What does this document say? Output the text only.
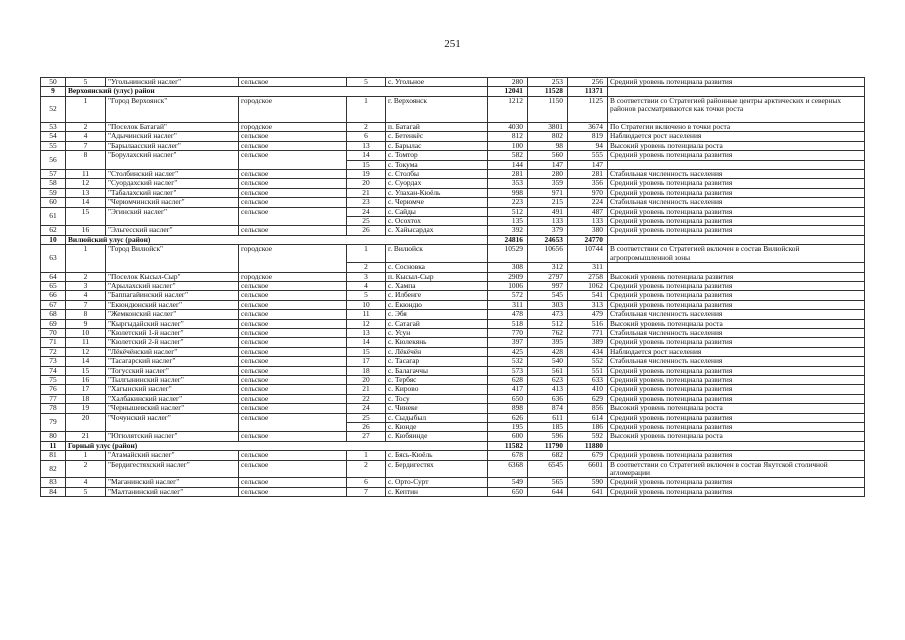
251
50	5	"Угольнинский наслег"	сельское	5	с. Угольное	280	253	256	Средний уровень потенциала развития
9	Верхоянский (улус) район					12041	11528	11371	
52	1	"Город Верхоянск"	городское	1	г. Верхоянск	1212	1150	1125	В соответствии со Стратегией районные центры арктических и северных районов рассматриваются как точки роста
53	2	"Поселок Батагай"	городское	2	п. Батагай	4030	3801	3674	По Стратегии включено в точки роста
54	4	"Адычинский наслег"	сельское	6	с. Бетенкёс	812	802	819	Наблюдается рост населения
55	7	"Барылаасский наслег"	сельское	13	с. Барылас	100	98	94	Высокий уровень потенциала роста
56	8	"Борулахский наслег"	сельское	14	с. Томтор	582	560	555	Средний уровень потенциала развития
				15	с. Токума	144	147	147	
57	11	"Столбинский наслег"	сельское	19	с. Столбы	281	280	281	Стабильная численность населения
58	12	"Суордахский наслег"	сельское	20	с. Суордах	353	359	356	Средний уровень потенциала развития
59	13	"Табалахский наслег"	сельское	21	с. Улахан-Кюёль	998	971	970	Средний уровень потенциала развития
60	14	"Черюмчинский наслег"	сельское	23	с. Черюмче	223	215	224	Стабильная численность населения
61	15	"Эгинский наслег"	сельское	24	с. Сайды	512	491	487	Средний уровень потенциала развития
				25	с. Осохтох	135	133	133	Средний уровень потенциала развития
62	16	"Эльгесский наслег"	сельское	26	с. Хайысардах	392	379	380	Средний уровень потенциала развития
10	Вилюйский улус (район)					24816	24653	24770	
63	1	"Город Вилюйск"	городское	1	г. Вилюйск	10529	10656	10744	В соответствии со Стратегией включен в состав Вилюйской агропромышленной зоны
				2	с. Сосновка	308	312	311	
64	2	"Поселок Кысыл-Сыр"	городское	3	п. Кысыл-Сыр	2909	2797	2758	Высокий уровень потенциала развития
65	3	"Арылахский наслег"	сельское	4	с. Хампа	1006	997	1062	Средний уровень потенциала развития
66	4	"Баппагайинский наслег"	сельское	5	с. Илбенге	572	545	541	Средний уровень потенциала развития
67	7	"Екюндюнский наслег"	сельское	10	с. Екюндю	311	303	313	Средний уровень потенциала развития
68	8	"Жемконский наслег"	сельское	11	с. Эбя	478	473	479	Стабильная численность населения
69	9	"Кыргыдайский наслег"	сельское	12	с. Сатагай	518	512	516	Высокий уровень потенциала роста
70	10	"Кюлетский 1-й наслег"	сельское	13	с. Усун	770	762	771	Стабильная численность населения
71	11	"Кюлетский 2-й наслег"	сельское	14	с. Кюлекянь	397	395	389	Средний уровень потенциала развития
72	12	"Лёкёчёнский наслег"	сельское	15	с. Лёкёчён	425	428	434	Наблюдается рост населения
73	14	"Тасагарский наслег"	сельское	17	с. Тасагар	532	540	552	Стабильная численность населения
74	15	"Тогусский наслег"	сельское	18	с. Балагаччы	573	561	551	Средний уровень потенциала развития
75	16	"Тылгынинский наслег"	сельское	20	с. Тербяс	628	623	633	Средний уровень потенциала развития
76	17	"Хагынский наслег"	сельское	21	с. Кирово	417	413	410	Средний уровень потенциала развития
77	18	"Халбакинский наслег"	сельское	22	с. Тосу	650	636	629	Средний уровень потенциала развития
78	19	"Чернышевский наслег"	сельское	24	с. Чинеке	898	874	856	Высокий уровень потенциала роста
79	20	"Чочунский наслег"	сельское	25	с. Сыдыбыл	626	611	614	Средний уровень потенциала развития
				26	с. Кюнде	195	185	186	Средний уровень потенциала развития
80	21	"Югюлятский наслег"	сельское	27	с. Кюбяинде	600	596	592	Высокий уровень потенциала роста
11	Горный улус (район)					11582	11790	11880	
81	1	"Атамайский наслег"	сельское	1	с. Бясь-Кюёль	678	682	679	Средний уровень потенциала развития
82	2	"Бердигестяхский наслег"	сельское	2	с. Бердигестях	6368	6545	6601	В соответствии со Стратегией включен в состав Якутской столичной агломерации
83	4	"Маганинский наслег"	сельское	6	с. Орто-Сурт	549	565	590	Средний уровень потенциала развития
84	5	"Малтанинский наслег"	сельское	7	с. Кептин	650	644	641	Средний уровень потенциала развития
